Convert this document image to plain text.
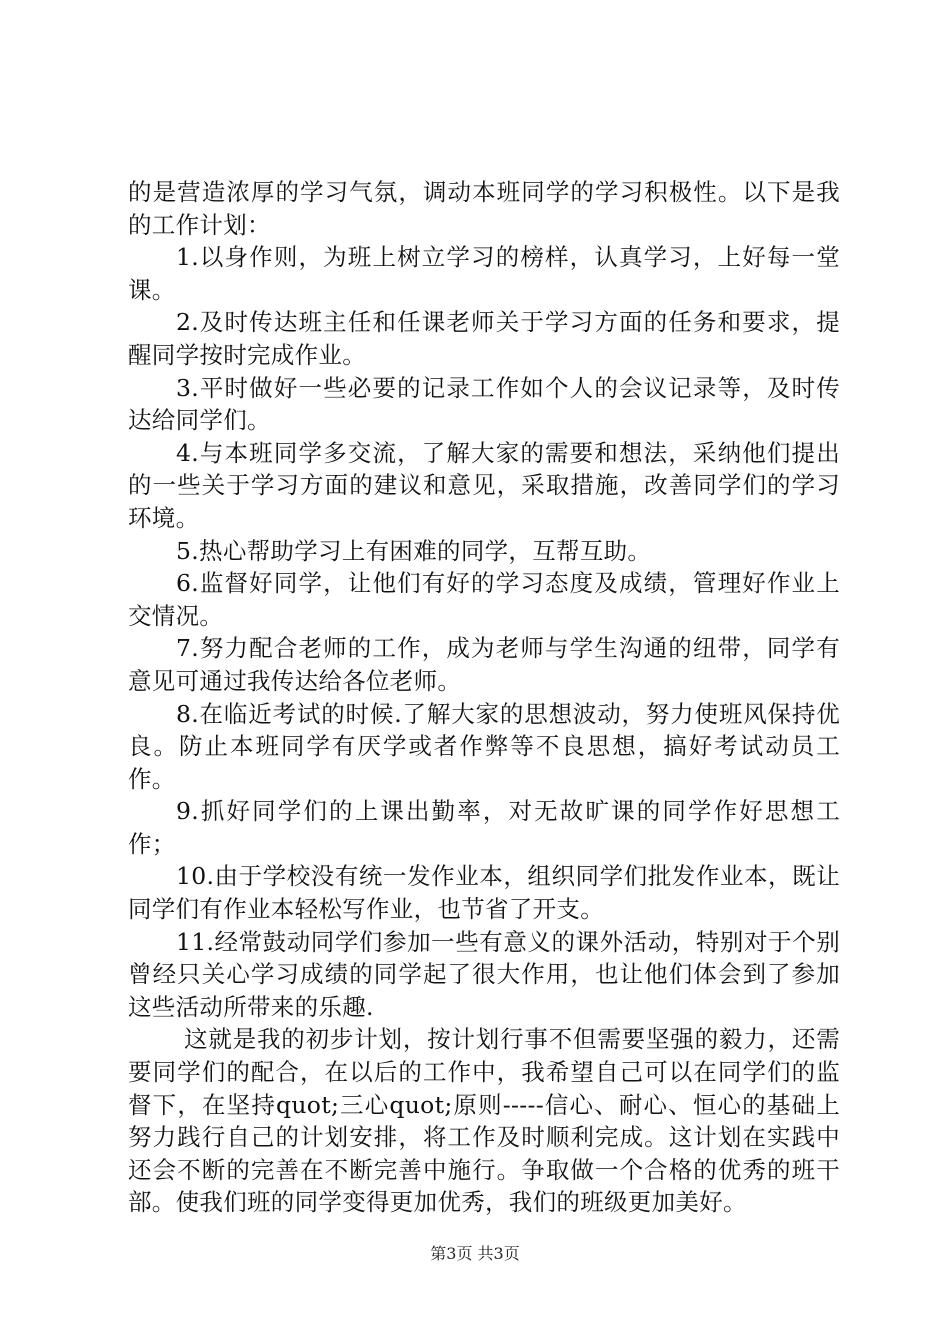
的是营造浓厚的学习气氛，调动本班同学的学习积极性。以下是我的工作计划：

1.以身作则，为班上树立学习的榜样，认真学习，上好每一堂课。

2.及时传达班主任和任课老师关于学习方面的任务和要求，提醒同学按时完成作业。

3.平时做好一些必要的记录工作如个人的会议记录等，及时传达给同学们。

4.与本班同学多交流，了解大家的需要和想法，采纳他们提出的一些关于学习方面的建议和意见，采取措施，改善同学们的学习环境。

5.热心帮助学习上有困难的同学，互帮互助。

6.监督好同学，让他们有好的学习态度及成绩，管理好作业上交情况。

7.努力配合老师的工作，成为老师与学生沟通的纽带，同学有意见可通过我传达给各位老师。

8.在临近考试的时候.了解大家的思想波动，努力使班风保持优良。防止本班同学有厌学或者作弊等不良思想，搞好考试动员工作。

9.抓好同学们的上课出勤率，对无故旷课的同学作好思想工作；

10.由于学校没有统一发作业本，组织同学们批发作业本，既让同学们有作业本轻松写作业，也节省了开支。

11.经常鼓动同学们参加一些有意义的课外活动，特别对于个别曾经只关心学习成绩的同学起了很大作用，也让他们体会到了参加这些活动所带来的乐趣.

这就是我的初步计划，按计划行事不但需要坚强的毅力，还需要同学们的配合，在以后的工作中，我希望自己可以在同学们的监督下，在坚持quot;三心quot;原则-----信心、耐心、恒心的基础上努力践行自己的计划安排，将工作及时顺利完成。这计划在实践中还会不断的完善在不断完善中施行。争取做一个合格的优秀的班干部。使我们班的同学变得更加优秀，我们的班级更加美好。

第3页 共3页
